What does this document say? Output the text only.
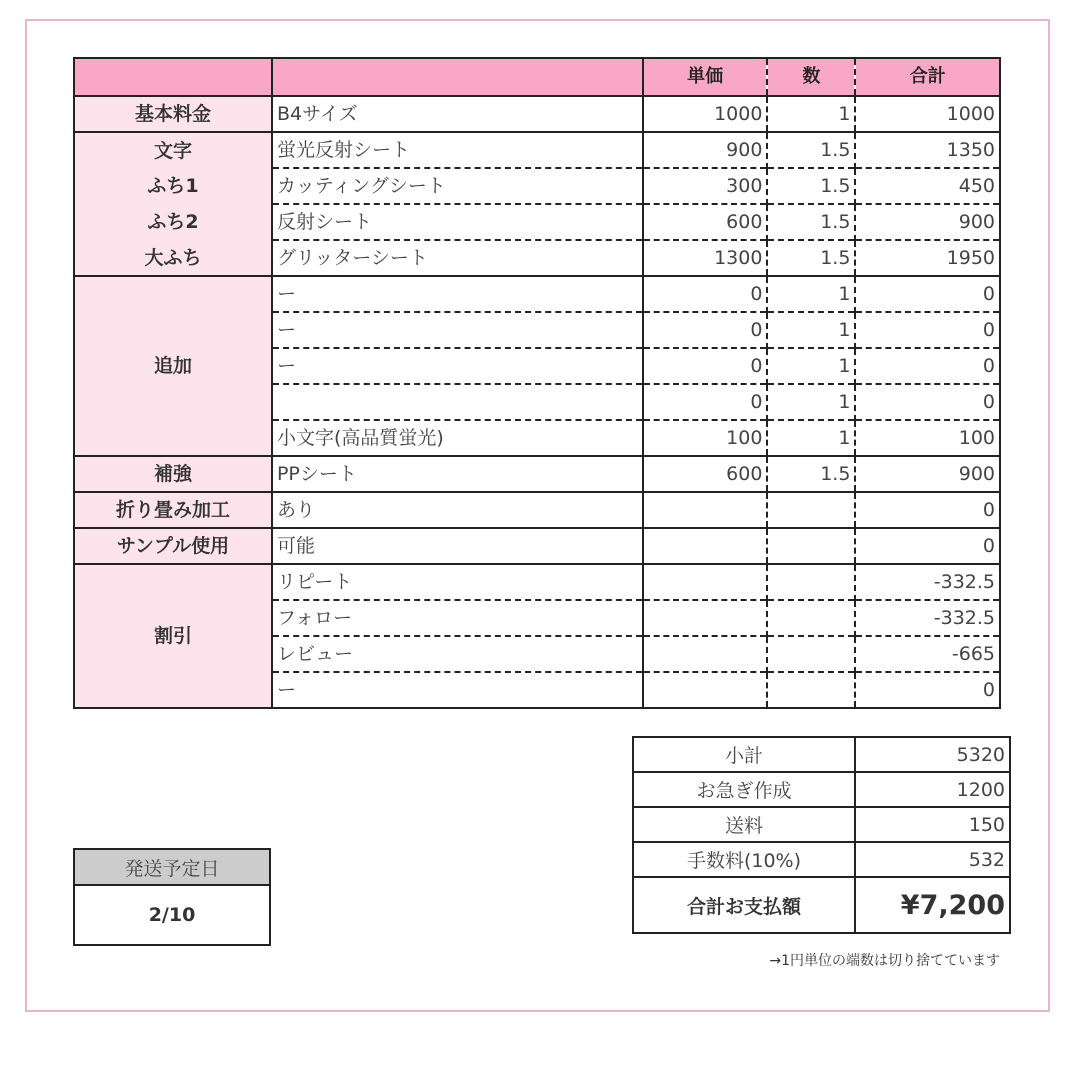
		単価	数	合計
基本料金	B4サイズ	1000	1	1000
文字	蛍光反射シート	900	1.5	1350
ふち1	カッティングシート	300	1.5	450
ふち2	反射シート	600	1.5	900
大ふち	グリッターシート	1300	1.5	1950
追加	ー	0	1	0
	ー	0	1	0
	ー	0	1	0
		0	1	0
	小文字(高品質蛍光)	100	1	100
補強	PPシート	600	1.5	900
折り畳み加工	あり			0
サンプル使用	可能			0
割引	リピート			-332.5
	フォロー			-332.5
	レビュー			-665
	ー			0
発送予定日
2/10
小計	5320
お急ぎ作成	1200
送料	150
手数料(10%)	532
合計お支払額	¥7,200
→1円単位の端数は切り捨てています
